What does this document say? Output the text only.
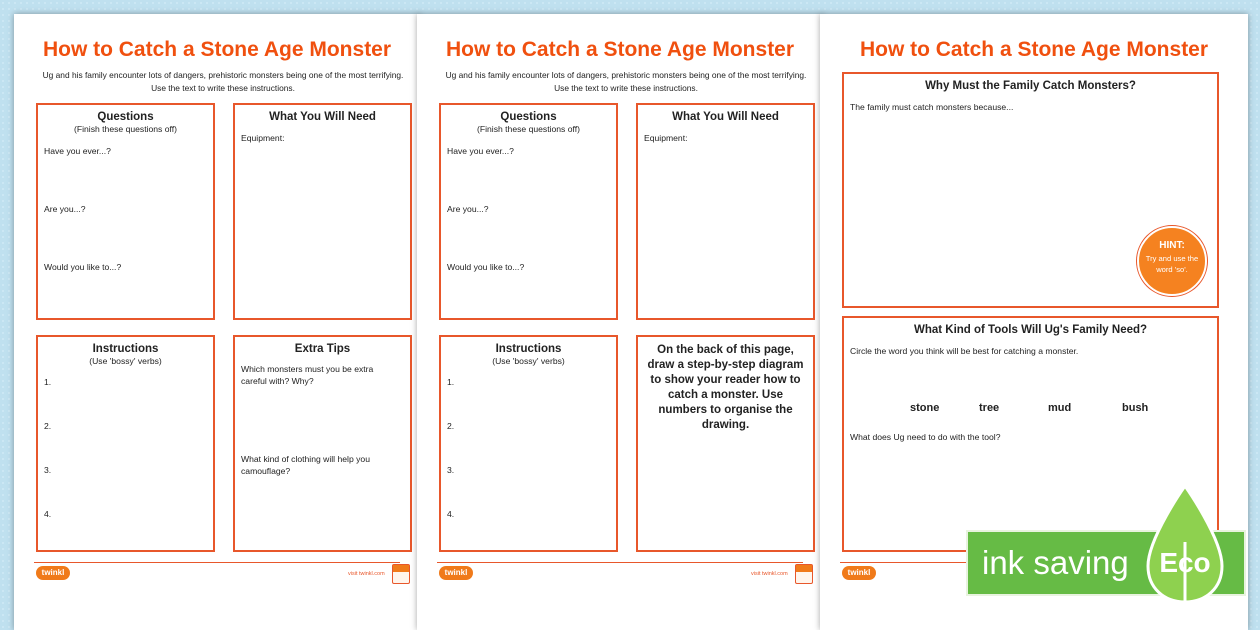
How to Catch a Stone Age Monster
Ug and his family encounter lots of dangers, prehistoric monsters being one of the most terrifying.
Use the text to write these instructions.
Questions
(Finish these questions off)
Have you ever...?
Are you...?
Would you like to...?
What You Will Need
Equipment:
Instructions
(Use 'bossy' verbs)
1.
2.
3.
4.
Extra Tips
Which monsters must you be extra careful with? Why?
What kind of clothing will help you camouflage?
twinkl	visit twinkl.com
How to Catch a Stone Age Monster
Ug and his family encounter lots of dangers, prehistoric monsters being one of the most terrifying.
Use the text to write these instructions.
Questions
(Finish these questions off)
Have you ever...?
Are you...?
Would you like to...?
What You Will Need
Equipment:
Instructions
(Use 'bossy' verbs)
1.
2.
3.
4.
On the back of this page, draw a step-by-step diagram to show your reader how to catch a monster. Use numbers to organise the drawing.
twinkl	visit twinkl.com
How to Catch a Stone Age Monster
Why Must the Family Catch Monsters?
The family must catch monsters because...
HINT:
Try and use the word 'so'.
What Kind of Tools Will Ug's Family Need?
Circle the word you think will be best for catching a monster.
stone	tree	mud	bush
What does Ug need to do with the tool?
twinkl	ink saving Eco
